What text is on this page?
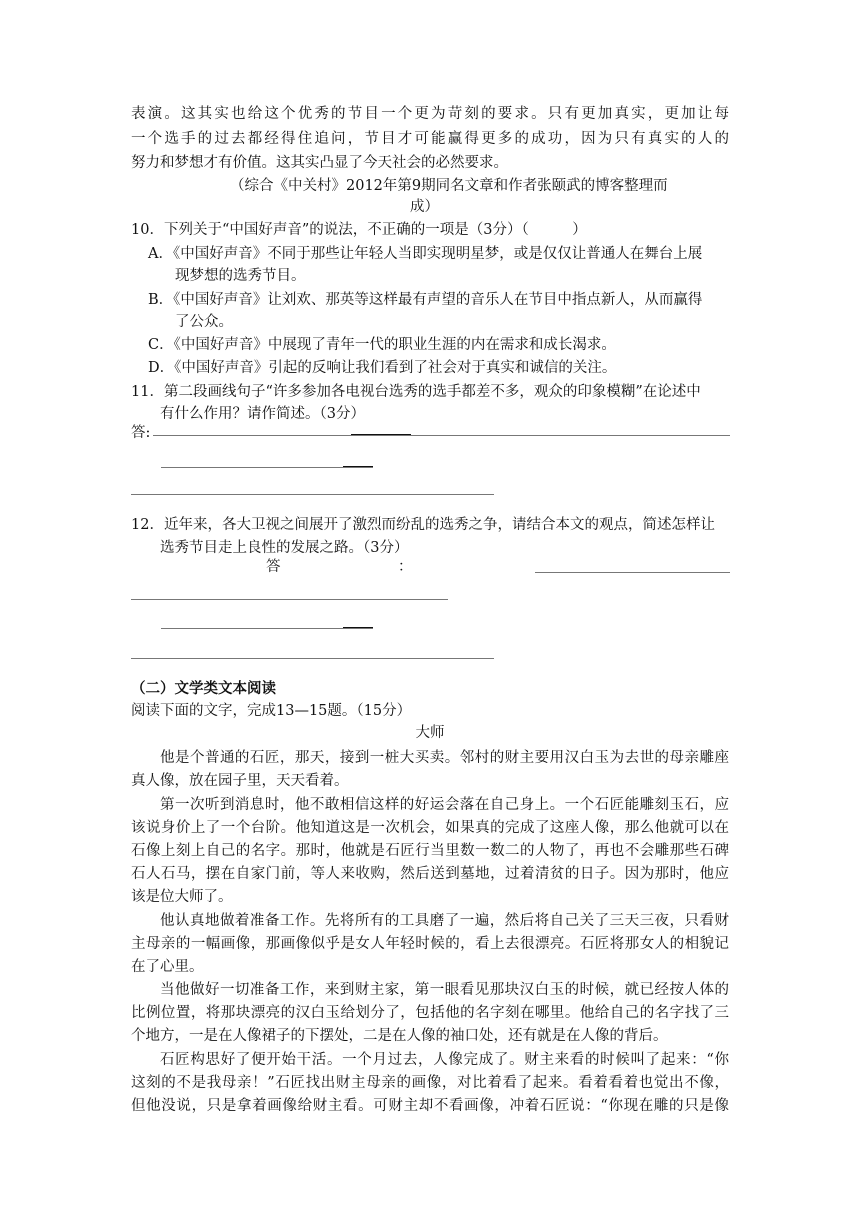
表演。这其实也给这个优秀的节目一个更为苛刻的要求。只有更加真实，更加让每
一个选手的过去都经得住追问，节目才可能赢得更多的成功，因为只有真实的人的
努力和梦想才有价值。这其实凸显了今天社会的必然要求。
（综合《中关村》2012年第9期同名文章和作者张颐武的博客整理而
成）
10．下列关于“中国好声音”的说法，不正确的一项是（3分）（　　　）
A．《中国好声音》不同于那些让年轻人当即实现明星梦，或是仅仅让普通人在舞台上展
现梦想的选秀节目。
B．《中国好声音》让刘欢、那英等这样最有声望的音乐人在节目中指点新人，从而赢得
了公众。
C．《中国好声音》中展现了青年一代的职业生涯的内在需求和成长渴求。
D．《中国好声音》引起的反响让我们看到了社会对于真实和诚信的关注。
11．第二段画线句子“许多参加各电视台选秀的选手都差不多，观众的印象模糊”在论述中
有什么作用？请作简述。（3分）
答:
12．近年来，各大卫视之间展开了激烈而纷乱的选秀之争，请结合本文的观点，简述怎样让
选秀节目走上良性的发展之路。（3分）
答	：
（二）文学类文本阅读
阅读下面的文字，完成13—15题。（15分）
大师
他是个普通的石匠，那天，接到一桩大买卖。邻村的财主要用汉白玉为去世的母亲雕座
真人像，放在园子里，天天看着。
第一次听到消息时，他不敢相信这样的好运会落在自己身上。一个石匠能雕刻玉石，应
该说身价上了一个台阶。他知道这是一次机会，如果真的完成了这座人像，那么他就可以在
石像上刻上自己的名字。那时，他就是石匠行当里数一数二的人物了，再也不会雕那些石碑
石人石马，摆在自家门前，等人来收购，然后送到墓地，过着清贫的日子。因为那时，他应
该是位大师了。
他认真地做着准备工作。先将所有的工具磨了一遍，然后将自己关了三天三夜，只看财
主母亲的一幅画像，那画像似乎是女人年轻时候的，看上去很漂亮。石匠将那女人的相貌记
在了心里。
当他做好一切准备工作，来到财主家，第一眼看见那块汉白玉的时候，就已经按人体的
比例位置，将那块漂亮的汉白玉给划分了，包括他的名字刻在哪里。他给自己的名字找了三
个地方，一是在人像裙子的下摆处，二是在人像的袖口处，还有就是在人像的背后。
石匠构思好了便开始干活。一个月过去，人像完成了。财主来看的时候叫了起来：“你
这刻的不是我母亲！”石匠找出财主母亲的画像，对比着看了起来。看着看着也觉出不像，
但他没说，只是拿着画像给财主看。可财主却不看画像，冲着石匠说：“你现在雕的只是像
